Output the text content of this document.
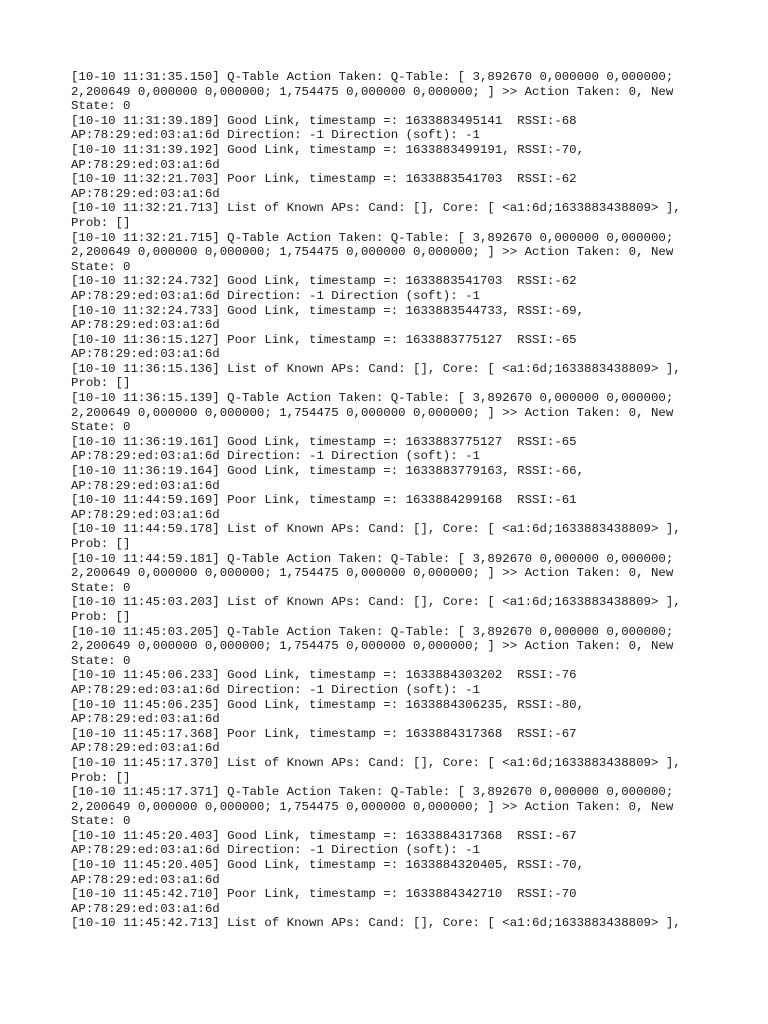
[10-10 11:31:35.150] Q-Table Action Taken: Q-Table: [ 3,892670 0,000000 0,000000;
2,200649 0,000000 0,000000; 1,754475 0,000000 0,000000; ] >> Action Taken: 0, New
State: 0
[10-10 11:31:39.189] Good Link, timestamp =: 1633883495141  RSSI:-68
AP:78:29:ed:03:a1:6d Direction: -1 Direction (soft): -1
[10-10 11:31:39.192] Good Link, timestamp =: 1633883499191, RSSI:-70,
AP:78:29:ed:03:a1:6d
[10-10 11:32:21.703] Poor Link, timestamp =: 1633883541703  RSSI:-62
AP:78:29:ed:03:a1:6d
[10-10 11:32:21.713] List of Known APs: Cand: [], Core: [ <a1:6d;1633883438809> ],
Prob: []
[10-10 11:32:21.715] Q-Table Action Taken: Q-Table: [ 3,892670 0,000000 0,000000;
2,200649 0,000000 0,000000; 1,754475 0,000000 0,000000; ] >> Action Taken: 0, New
State: 0
[10-10 11:32:24.732] Good Link, timestamp =: 1633883541703  RSSI:-62
AP:78:29:ed:03:a1:6d Direction: -1 Direction (soft): -1
[10-10 11:32:24.733] Good Link, timestamp =: 1633883544733, RSSI:-69,
AP:78:29:ed:03:a1:6d
[10-10 11:36:15.127] Poor Link, timestamp =: 1633883775127  RSSI:-65
AP:78:29:ed:03:a1:6d
[10-10 11:36:15.136] List of Known APs: Cand: [], Core: [ <a1:6d;1633883438809> ],
Prob: []
[10-10 11:36:15.139] Q-Table Action Taken: Q-Table: [ 3,892670 0,000000 0,000000;
2,200649 0,000000 0,000000; 1,754475 0,000000 0,000000; ] >> Action Taken: 0, New
State: 0
[10-10 11:36:19.161] Good Link, timestamp =: 1633883775127  RSSI:-65
AP:78:29:ed:03:a1:6d Direction: -1 Direction (soft): -1
[10-10 11:36:19.164] Good Link, timestamp =: 1633883779163, RSSI:-66,
AP:78:29:ed:03:a1:6d
[10-10 11:44:59.169] Poor Link, timestamp =: 1633884299168  RSSI:-61
AP:78:29:ed:03:a1:6d
[10-10 11:44:59.178] List of Known APs: Cand: [], Core: [ <a1:6d;1633883438809> ],
Prob: []
[10-10 11:44:59.181] Q-Table Action Taken: Q-Table: [ 3,892670 0,000000 0,000000;
2,200649 0,000000 0,000000; 1,754475 0,000000 0,000000; ] >> Action Taken: 0, New
State: 0
[10-10 11:45:03.203] List of Known APs: Cand: [], Core: [ <a1:6d;1633883438809> ],
Prob: []
[10-10 11:45:03.205] Q-Table Action Taken: Q-Table: [ 3,892670 0,000000 0,000000;
2,200649 0,000000 0,000000; 1,754475 0,000000 0,000000; ] >> Action Taken: 0, New
State: 0
[10-10 11:45:06.233] Good Link, timestamp =: 1633884303202  RSSI:-76
AP:78:29:ed:03:a1:6d Direction: -1 Direction (soft): -1
[10-10 11:45:06.235] Good Link, timestamp =: 1633884306235, RSSI:-80,
AP:78:29:ed:03:a1:6d
[10-10 11:45:17.368] Poor Link, timestamp =: 1633884317368  RSSI:-67
AP:78:29:ed:03:a1:6d
[10-10 11:45:17.370] List of Known APs: Cand: [], Core: [ <a1:6d;1633883438809> ],
Prob: []
[10-10 11:45:17.371] Q-Table Action Taken: Q-Table: [ 3,892670 0,000000 0,000000;
2,200649 0,000000 0,000000; 1,754475 0,000000 0,000000; ] >> Action Taken: 0, New
State: 0
[10-10 11:45:20.403] Good Link, timestamp =: 1633884317368  RSSI:-67
AP:78:29:ed:03:a1:6d Direction: -1 Direction (soft): -1
[10-10 11:45:20.405] Good Link, timestamp =: 1633884320405, RSSI:-70,
AP:78:29:ed:03:a1:6d
[10-10 11:45:42.710] Poor Link, timestamp =: 1633884342710  RSSI:-70
AP:78:29:ed:03:a1:6d
[10-10 11:45:42.713] List of Known APs: Cand: [], Core: [ <a1:6d;1633883438809> ],
